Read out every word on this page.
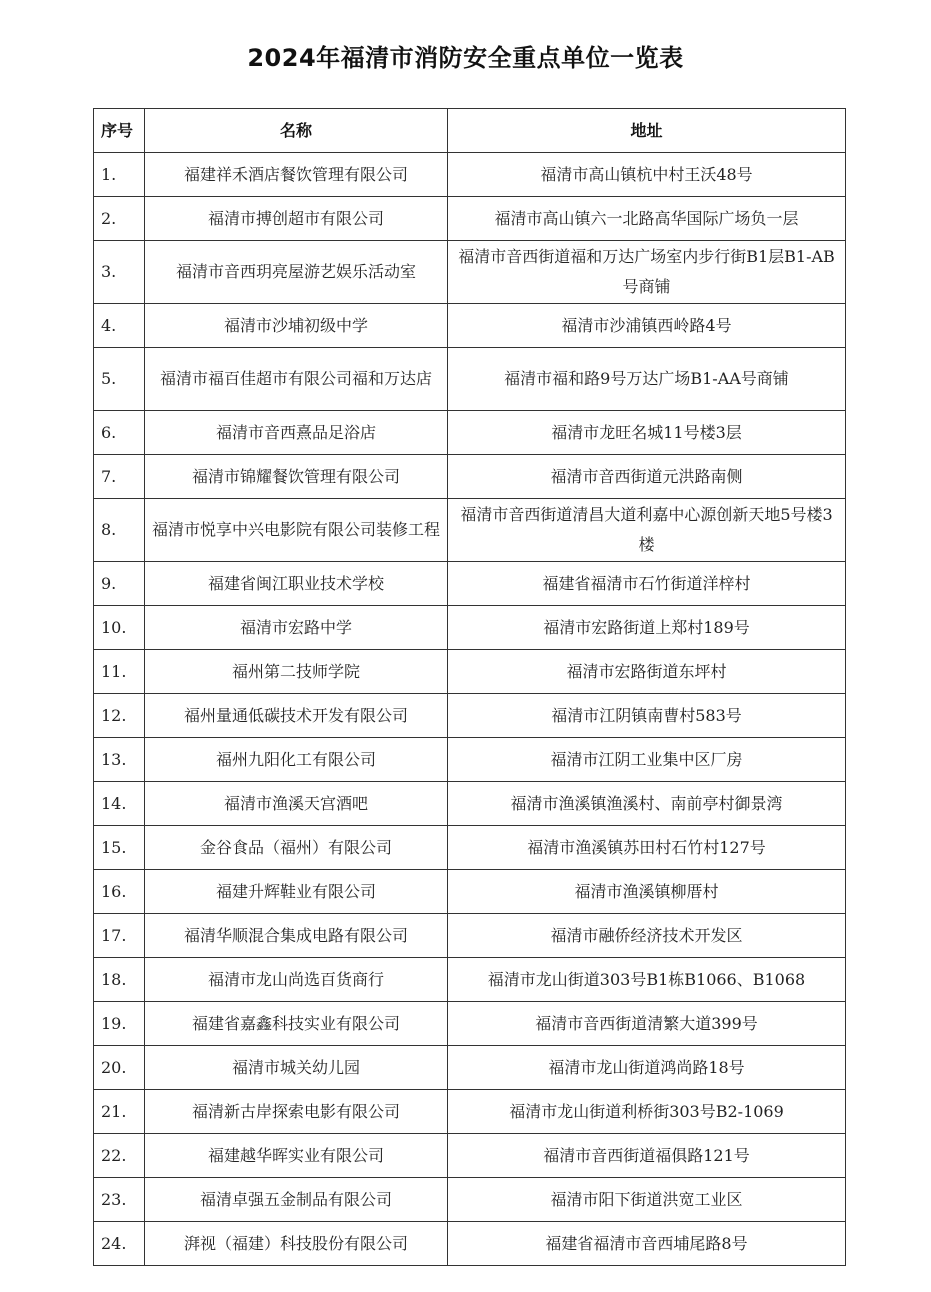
2024年福清市消防安全重点单位一览表
序号	名称	地址
1.	福建祥禾酒店餐饮管理有限公司	福清市高山镇杭中村王沃48号
2.	福清市搏创超市有限公司	福清市高山镇六一北路高华国际广场负一层
3.	福清市音西玥亮屋游艺娱乐活动室	福清市音西街道福和万达广场室内步行街B1层B1-AB号商铺
4.	福清市沙埔初级中学	福清市沙浦镇西岭路4号
5.	福清市福百佳超市有限公司福和万达店	福清市福和路9号万达广场B1-AA号商铺
6.	福清市音西熹品足浴店	福清市龙旺名城11号楼3层
7.	福清市锦耀餐饮管理有限公司	福清市音西街道元洪路南侧
8.	福清市悦享中兴电影院有限公司装修工程	福清市音西街道清昌大道利嘉中心源创新天地5号楼3楼
9.	福建省闽江职业技术学校	福建省福清市石竹街道洋梓村
10.	福清市宏路中学	福清市宏路街道上郑村189号
11.	福州第二技师学院	福清市宏路街道东坪村
12.	福州量通低碳技术开发有限公司	福清市江阴镇南曹村583号
13.	福州九阳化工有限公司	福清市江阴工业集中区厂房
14.	福清市渔溪天宫酒吧	福清市渔溪镇渔溪村、南前亭村御景湾
15.	金谷食品（福州）有限公司	福清市渔溪镇苏田村石竹村127号
16.	福建升辉鞋业有限公司	福清市渔溪镇柳厝村
17.	福清华顺混合集成电路有限公司	福清市融侨经济技术开发区
18.	福清市龙山尚选百货商行	福清市龙山街道303号B1栋B1066、B1068
19.	福建省嘉鑫科技实业有限公司	福清市音西街道清繁大道399号
20.	福清市城关幼儿园	福清市龙山街道鸿尚路18号
21.	福清新古岸探索电影有限公司	福清市龙山街道利桥街303号B2-1069
22.	福建越华晖实业有限公司	福清市音西街道福俱路121号
23.	福清卓强五金制品有限公司	福清市阳下街道洪宽工业区
24.	湃视（福建）科技股份有限公司	福建省福清市音西埔尾路8号
